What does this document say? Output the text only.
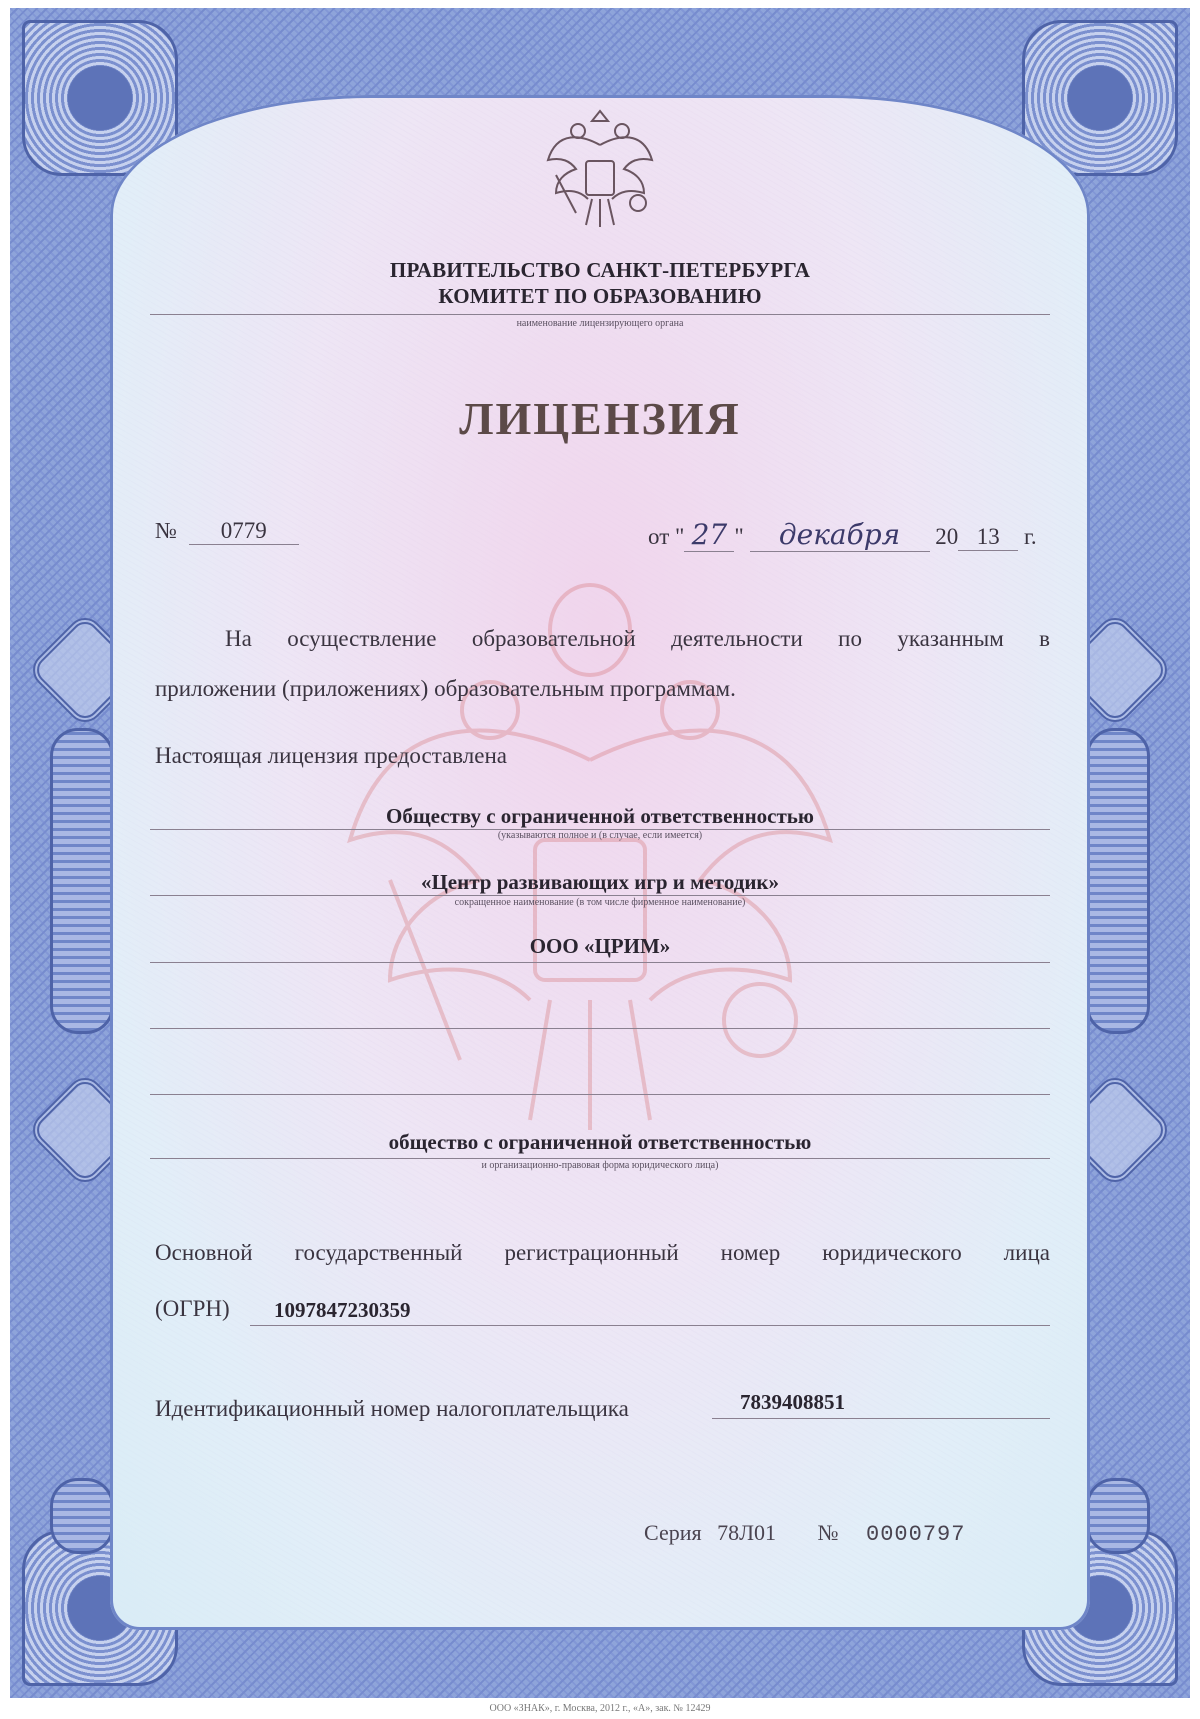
ПРАВИТЕЛЬСТВО САНКТ-ПЕТЕРБУРГА
КОМИТЕТ ПО ОБРАЗОВАНИЮ
наименование лицензирующего органа
ЛИЦЕНЗИЯ
№ 0779	от " 27 " декабря 20 13 г.
На осуществление образовательной деятельности по указанным в
приложении (приложениях) образовательным программам.
Настоящая лицензия предоставлена
Обществу с ограниченной ответственностью
(указываются полное и (в случае, если имеется)
«Центр развивающих игр и методик»
сокращенное наименование (в том числе фирменное наименование)
ООО «ЦРИМ»
общество с ограниченной ответственностью
и организационно-правовая форма юридического лица)
Основной государственный регистрационный номер юридического лица
(ОГРН) 1097847230359
Идентификационный номер налогоплательщика	7839408851
Серия 78Л01 № 0000797
ООО «ЗНАК», г. Москва, 2012 г., «А», зак. № 12429
